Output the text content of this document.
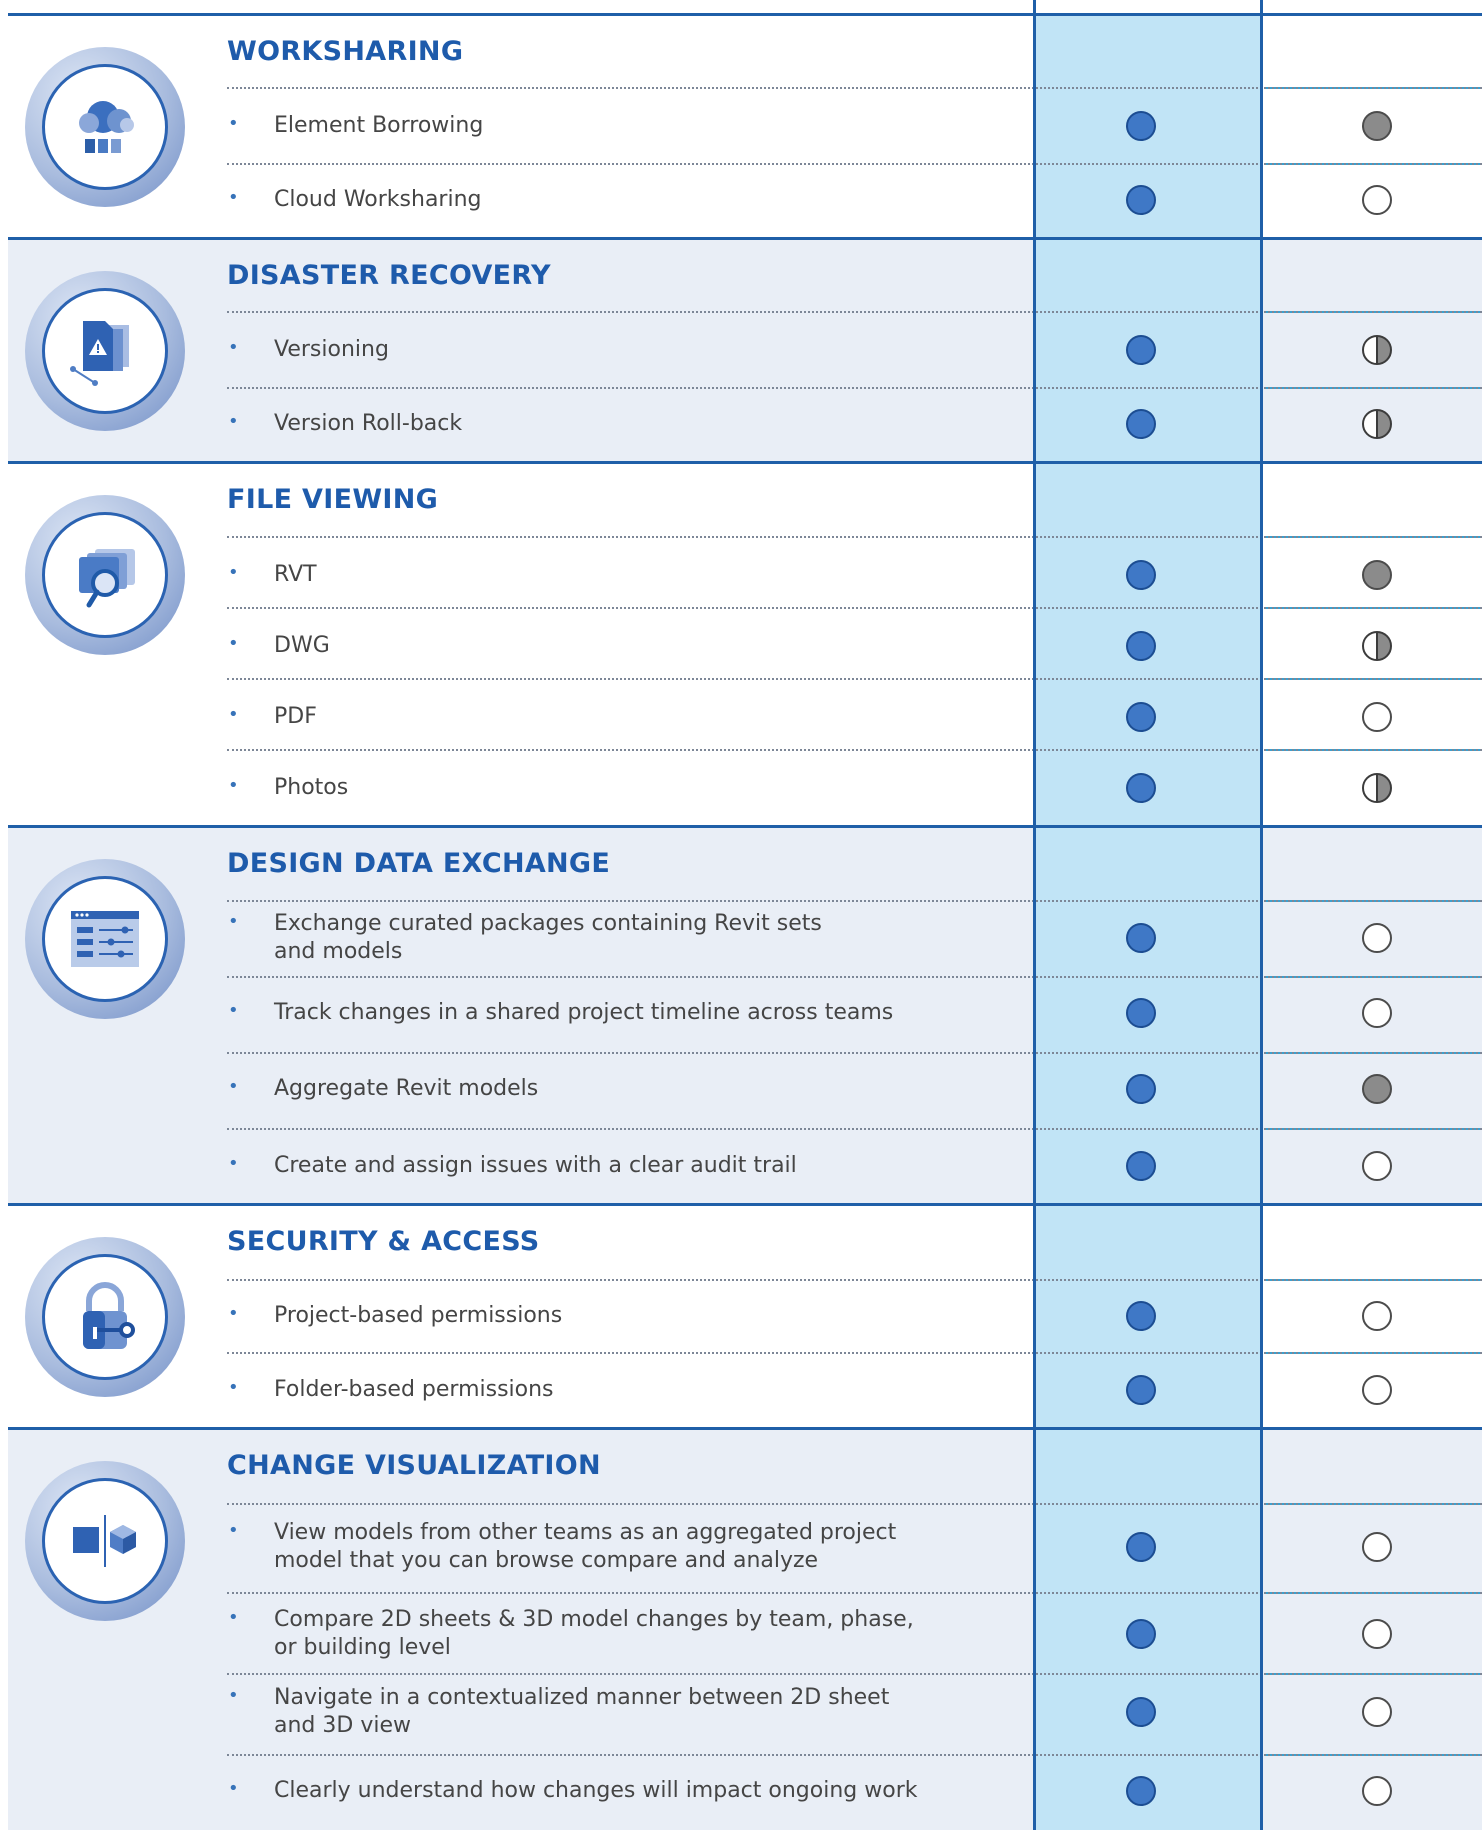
WORKSHARING
• Element Borrowing
• Cloud Worksharing
DISASTER RECOVERY
• Versioning
• Version Roll-back
FILE VIEWING
• RVT
• DWG
• PDF
• Photos
DESIGN DATA EXCHANGE
• Exchange curated packages containing Revit sets
and models
• Track changes in a shared project timeline across teams
• Aggregate Revit models
• Create and assign issues with a clear audit trail
SECURITY & ACCESS
• Project-based permissions
• Folder-based permissions
CHANGE VISUALIZATION
• View models from other teams as an aggregated project
model that you can browse compare and analyze
• Compare 2D sheets & 3D model changes by team, phase,
or building level
• Navigate in a contextualized manner between 2D sheet
and 3D view
• Clearly understand how changes will impact ongoing work
